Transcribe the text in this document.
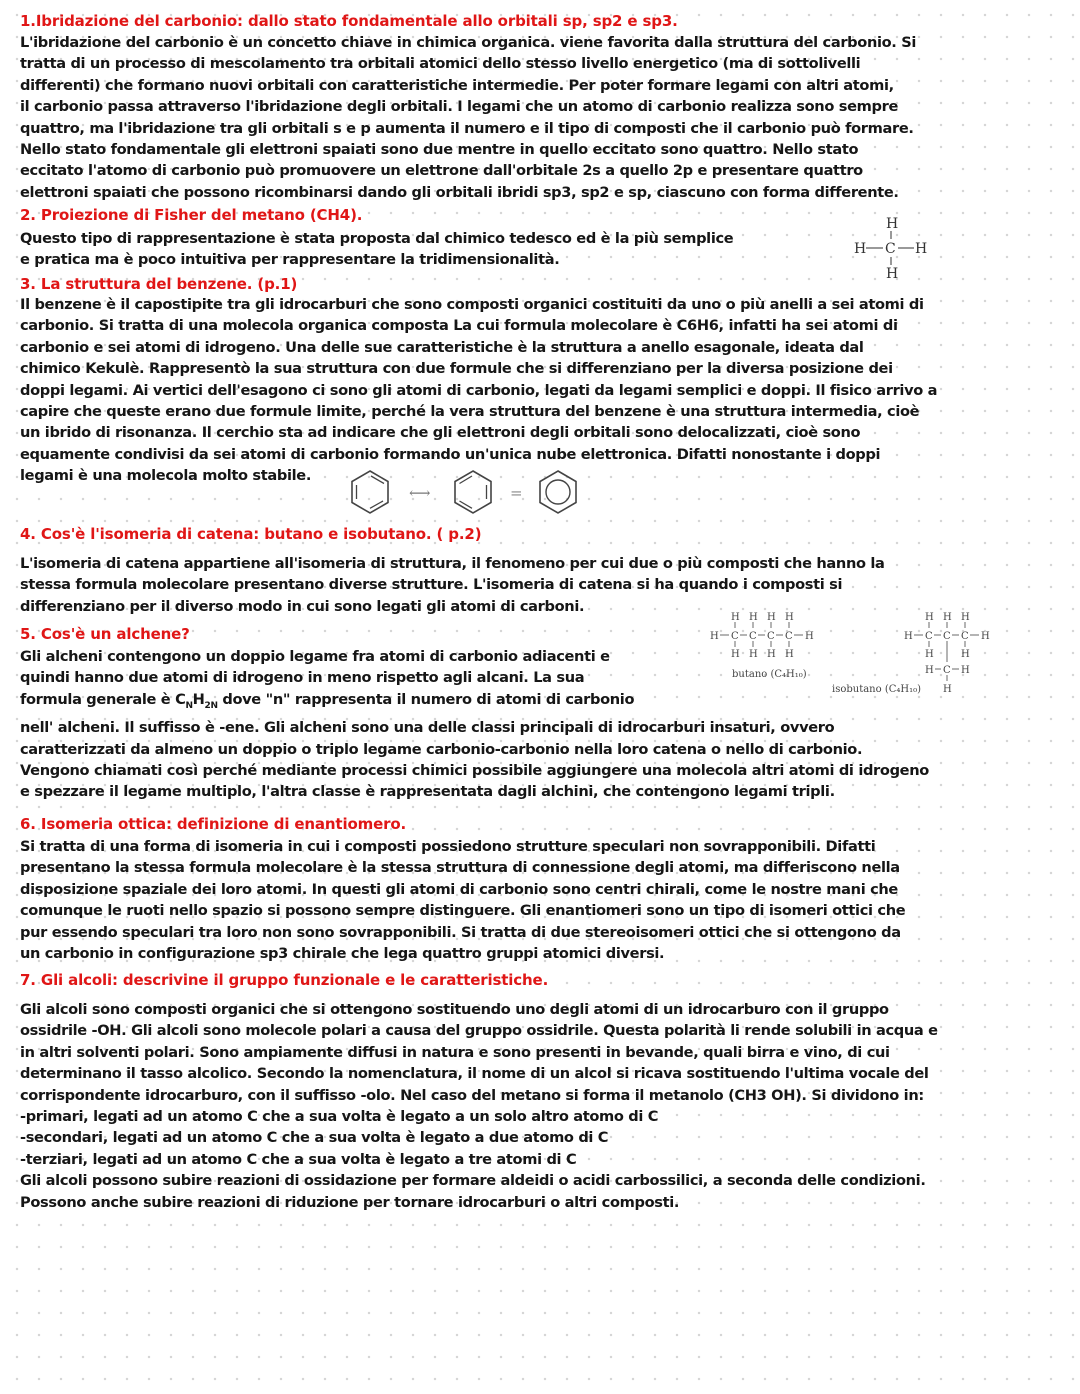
1.Ibridazione del carbonio: dallo stato fondamentale allo orbitali sp, sp2 e sp3.
L'ibridazione del carbonio è un concetto chiave in chimica organica. viene favorita dalla struttura del carbonio. Si
tratta di un processo di mescolamento tra orbitali atomici dello stesso livello energetico (ma di sottolivelli
differenti) che formano nuovi orbitali con caratteristiche intermedie. Per poter formare legami con altri atomi,
il carbonio passa attraverso l'ibridazione degli orbitali. I legami che un atomo di carbonio realizza sono sempre
quattro, ma l'ibridazione tra gli orbitali s e p aumenta il numero e il tipo di composti che il carbonio può formare.
Nello stato fondamentale gli elettroni spaiati sono due mentre in quello eccitato sono quattro. Nello stato
eccitato l'atomo di carbonio può promuovere un elettrone dall'orbitale 2s a quello 2p e presentare quattro
elettroni spaiati che possono ricombinarsi dando gli orbitali ibridi sp3, sp2 e sp, ciascuno con forma differente.
2. Proiezione di Fisher del metano (CH4).
Questo tipo di rappresentazione è stata proposta dal chimico tedesco ed è la più semplice
e pratica ma è poco intuitiva per rappresentare la tridimensionalità.
H
H C H
H
3. La struttura del benzene. (p.1)
Il benzene è il capostipite tra gli idrocarburi che sono composti organici costituiti da uno o più anelli a sei atomi di
carbonio. Si tratta di una molecola organica composta La cui formula molecolare è C6H6, infatti ha sei atomi di
carbonio e sei atomi di idrogeno. Una delle sue caratteristiche è la struttura a anello esagonale, ideata dal
chimico Kekulè. Rappresentò la sua struttura con due formule che si differenziano per la diversa posizione dei
doppi legami. Ai vertici dell'esagono ci sono gli atomi di carbonio, legati da legami semplici e doppi. Il fisico arrivo a
capire che queste erano due formule limite, perché la vera struttura del benzene è una struttura intermedia, cioè
un ibrido di risonanza. Il cerchio sta ad indicare che gli elettroni degli orbitali sono delocalizzati, cioè sono
equamente condivisi da sei atomi di carbonio formando un'unica nube elettronica. Difatti nonostante i doppi
legami è una molecola molto stabile.
⟷	=
4. Cos'è l'isomeria di catena: butano e isobutano. ( p.2)
L'isomeria di catena appartiene all'isomeria di struttura, il fenomeno per cui due o più composti che hanno la
stessa formula molecolare presentano diverse strutture. L'isomeria di catena si ha quando i composti si
differenziano per il diverso modo in cui sono legati gli atomi di carboni.
H H H H
H C C C C H
H H H H
butano (C₄H₁₀)
H H H
H C C C H
H	H
H C H
H
isobutano (C₄H₁₀)
5. Cos'è un alchene?
Gli alcheni contengono un doppio legame fra atomi di carbonio adiacenti e
quindi hanno due atomi di idrogeno in meno rispetto agli alcani. La sua
formula generale è $C_NH_{2N}$ dove "n" rappresenta il numero di atomi di carbonio
nell' alcheni. Il suffisso è -ene. Gli alcheni sono una delle classi principali di idrocarburi insaturi, ovvero
caratterizzati da almeno un doppio o triplo legame carbonio-carbonio nella loro catena o nello di carbonio.
Vengono chiamati così perché mediante processi chimici possibile aggiungere una molecola altri atomi di idrogeno
e spezzare il legame multiplo, l'altra classe è rappresentata dagli alchini, che contengono legami tripli.
6. Isomeria ottica: definizione di enantiomero.
Si tratta di una forma di isomeria in cui i composti possiedono strutture speculari non sovrapponibili. Difatti
presentano la stessa formula molecolare è la stessa struttura di connessione degli atomi, ma differiscono nella
disposizione spaziale dei loro atomi. In questi gli atomi di carbonio sono centri chirali, come le nostre mani che
comunque le ruoti nello spazio si possono sempre distinguere. Gli enantiomeri sono un tipo di isomeri ottici che
pur essendo speculari tra loro non sono sovrapponibili. Si tratta di due stereoisomeri ottici che si ottengono da
un carbonio in configurazione sp3 chirale che lega quattro gruppi atomici diversi.
7. Gli alcoli: descrivine il gruppo funzionale e le caratteristiche.
Gli alcoli sono composti organici che si ottengono sostituendo uno degli atomi di un idrocarburo con il gruppo
ossidrile -OH. Gli alcoli sono molecole polari a causa del gruppo ossidrile. Questa polarità li rende solubili in acqua e
in altri solventi polari. Sono ampiamente diffusi in natura e sono presenti in bevande, quali birra e vino, di cui
determinano il tasso alcolico. Secondo la nomenclatura, il nome di un alcol si ricava sostituendo l'ultima vocale del
corrispondente idrocarburo, con il suffisso -olo. Nel caso del metano si forma il metanolo (CH3 OH). Si dividono in:
-primari, legati ad un atomo C che a sua volta è legato a un solo altro atomo di C
-secondari, legati ad un atomo C che a sua volta è legato a due atomo di C
-terziari, legati ad un atomo C che a sua volta è legato a tre atomi di C
Gli alcoli possono subire reazioni di ossidazione per formare aldeidi o acidi carbossilici, a seconda delle condizioni.
Possono anche subire reazioni di riduzione per tornare idrocarburi o altri composti.
